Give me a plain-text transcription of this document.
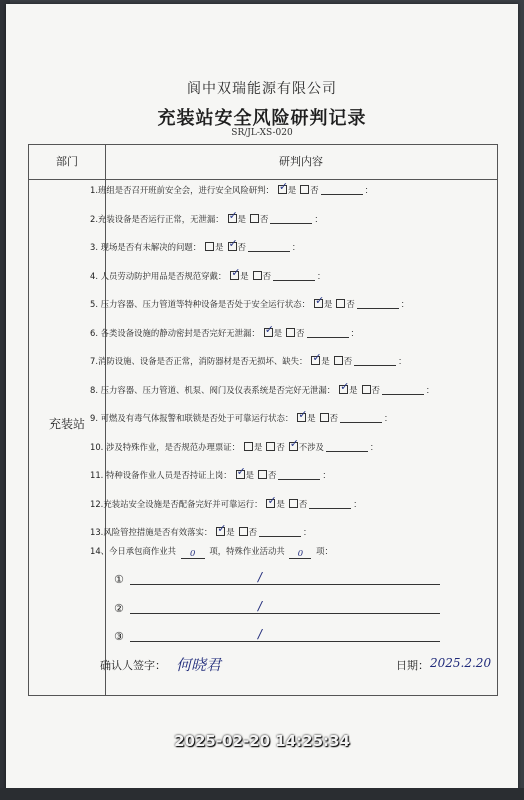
阆中双瑞能源有限公司
充装站安全风险研判记录
SR/JL-XS-020
部门	研判内容
充装站
1.班组是否召开班前安全会，进行安全风险研判： ✓ 是 否	：
2.充装设备是否运行正常，无泄漏： ✓ 是 否	：
3. 现场是否有未解决的问题： 是 ✓ 否	：
4. 人员劳动防护用品是否规范穿戴： ✓ 是 否	：
5. 压力容器、压力管道等特种设备是否处于安全运行状态： ✓ 是 否	：
6. 各类设备设施的静动密封是否完好无泄漏： ✓ 是 否	：
7.消防设施、设备是否正常，消防器材是否无损坏、缺失： ✓ 是 否	：
8. 压力容器、压力管道、机泵、阀门及仪表系统是否完好无泄漏： ✓ 是 否	：
9. 可燃及有毒气体报警和联锁是否处于可靠运行状态： ✓ 是 否	：
10. 涉及特殊作业，是否规范办理票证： 是 否 ✓ 不涉及	：
11. 特种设备作业人员是否持证上岗： ✓ 是 否	：
12.充装站安全设施是否配备完好并可靠运行： ✓ 是 否	：
13.风险管控措施是否有效落实： ✓ 是 否	：
14、今日承包商作业共 0 项，特殊作业活动共 0 项：
①	/
②	/
③	/
确认人签字： 何晓君	日期： 2025.2.20
2025-02-20 14:25:34
